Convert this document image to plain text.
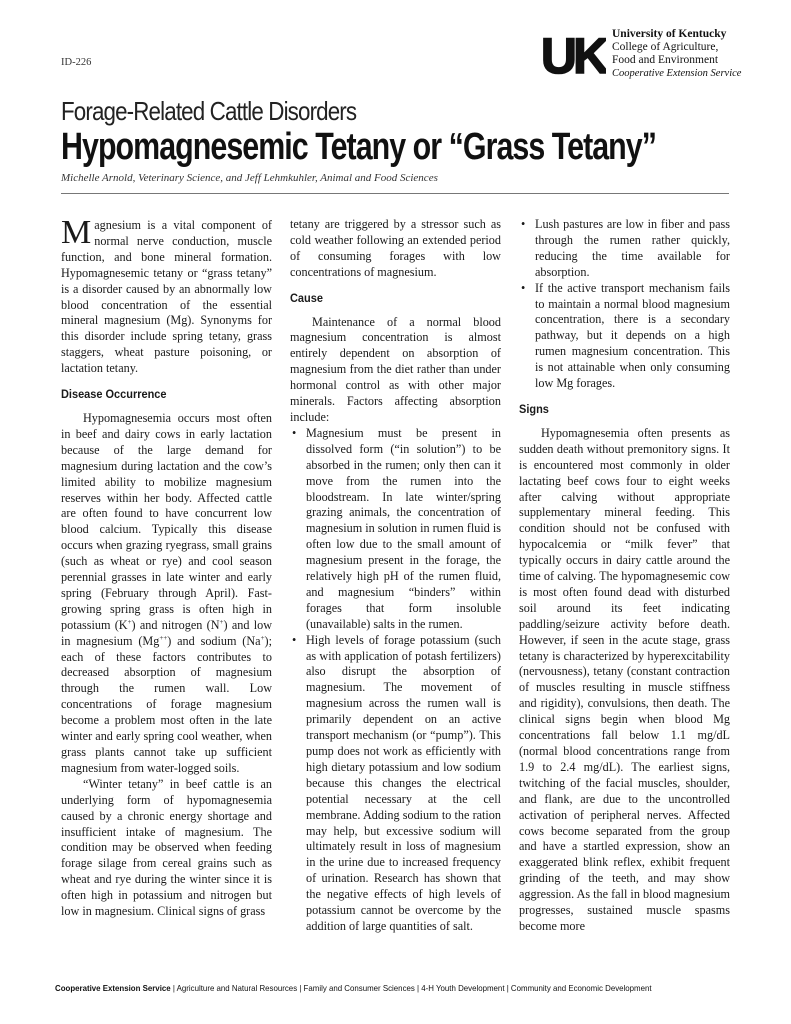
ID-226	UK University of Kentucky
College of Agriculture,
Food and Environment
Cooperative Extension Service
Forage-Related Cattle Disorders
Hypomagnesemic Tetany or “Grass Tetany”
Michelle Arnold, Veterinary Science, and Jeff Lehmkuhler, Animal and Food Sciences

Magnesium is a vital component of normal nerve conduction, muscle function, and bone mineral formation. Hypomagnesemic tetany or “grass tetany” is a disorder caused by an abnormally low blood concentration of the essential mineral magnesium (Mg). Synonyms for this disorder include spring tetany, grass staggers, wheat pasture poisoning, or lactation tetany.

Disease Occurrence

Hypomagnesemia occurs most often in beef and dairy cows in early lactation because of the large demand for magnesium during lactation and the cow’s limited ability to mobilize magnesium reserves within her body. Affected cattle are often found to have concurrent low blood calcium. Typically this disease occurs when grazing ryegrass, small grains (such as wheat or rye) and cool season perennial grasses in late winter and early spring (February through April). Fast-growing spring grass is often high in potassium (K+) and nitrogen (N+) and low in magnesium (Mg++) and sodium (Na+); each of these factors contributes to decreased absorption of magnesium through the rumen wall. Low concentrations of forage magnesium become a problem most often in the late winter and early spring cool weather, when grass plants cannot take up sufficient magnesium from water-logged soils.

“Winter tetany” in beef cattle is an underlying form of hypomagnesemia caused by a chronic energy shortage and insufficient intake of magnesium. The condition may be observed when feeding forage silage from cereal grains such as wheat and rye during the winter since it is often high in potassium and nitrogen but low in magnesium. Clinical signs of grass

tetany are triggered by a stressor such as cold weather following an extended period of consuming forages with low concentrations of magnesium.

Cause

Maintenance of a normal blood magnesium concentration is almost entirely dependent on absorption of magnesium from the diet rather than under hormonal control as with other major minerals. Factors affecting absorption include:

• Magnesium must be present in dissolved form (“in solution”) to be absorbed in the rumen; only then can it move from the rumen into the bloodstream. In late winter/spring grazing animals, the concentration of magnesium in solution in rumen fluid is often low due to the small amount of magnesium present in the forage, the relatively high pH of the rumen fluid, and magnesium “binders” within forages that form insoluble (unavailable) salts in the rumen.
• High levels of forage potassium (such as with application of potash fertilizers) also disrupt the absorption of magnesium. The movement of magnesium across the rumen wall is primarily dependent on an active transport mechanism (or “pump”). This pump does not work as efficiently with high dietary potassium and low sodium because this changes the electrical potential necessary at the cell membrane. Adding sodium to the ration may help, but excessive sodium will ultimately result in loss of magnesium in the urine due to increased frequency of urination. Research has shown that the negative effects of high levels of potassium cannot be overcome by the addition of large quantities of salt.
• Lush pastures are low in fiber and pass through the rumen rather quickly, reducing the time available for absorption.
• If the active transport mechanism fails to maintain a normal blood magnesium concentration, there is a secondary pathway, but it depends on a high rumen magnesium concentration. This is not attainable when only consuming low Mg forages.
Signs

Hypomagnesemia often presents as sudden death without premonitory signs. It is encountered most commonly in older lactating beef cows four to eight weeks after calving without appropriate supplementary mineral feeding. This condition should not be confused with hypocalcemia or “milk fever” that typically occurs in dairy cattle around the time of calving. The hypomagnesemic cow is most often found dead with disturbed soil around its feet indicating paddling/seizure activity before death. However, if seen in the acute stage, grass tetany is characterized by hyperexcitability (nervousness), tetany (constant contraction of muscles resulting in muscle stiffness and rigidity), convulsions, then death. The clinical signs begin when blood Mg concentrations fall below 1.1 mg/dL (normal blood concentrations range from 1.9 to 2.4 mg/dL). The earliest signs, twitching of the facial muscles, shoulder, and flank, are due to the uncontrolled activation of peripheral nerves. Affected cows become separated from the group and have a startled expression, show an exaggerated blink reflex, exhibit frequent grinding of the teeth, and may show aggression. As the fall in blood magnesium progresses, sustained muscle spasms become more

Cooperative Extension Service | Agriculture and Natural Resources | Family and Consumer Sciences | 4-H Youth Development | Community and Economic Development
